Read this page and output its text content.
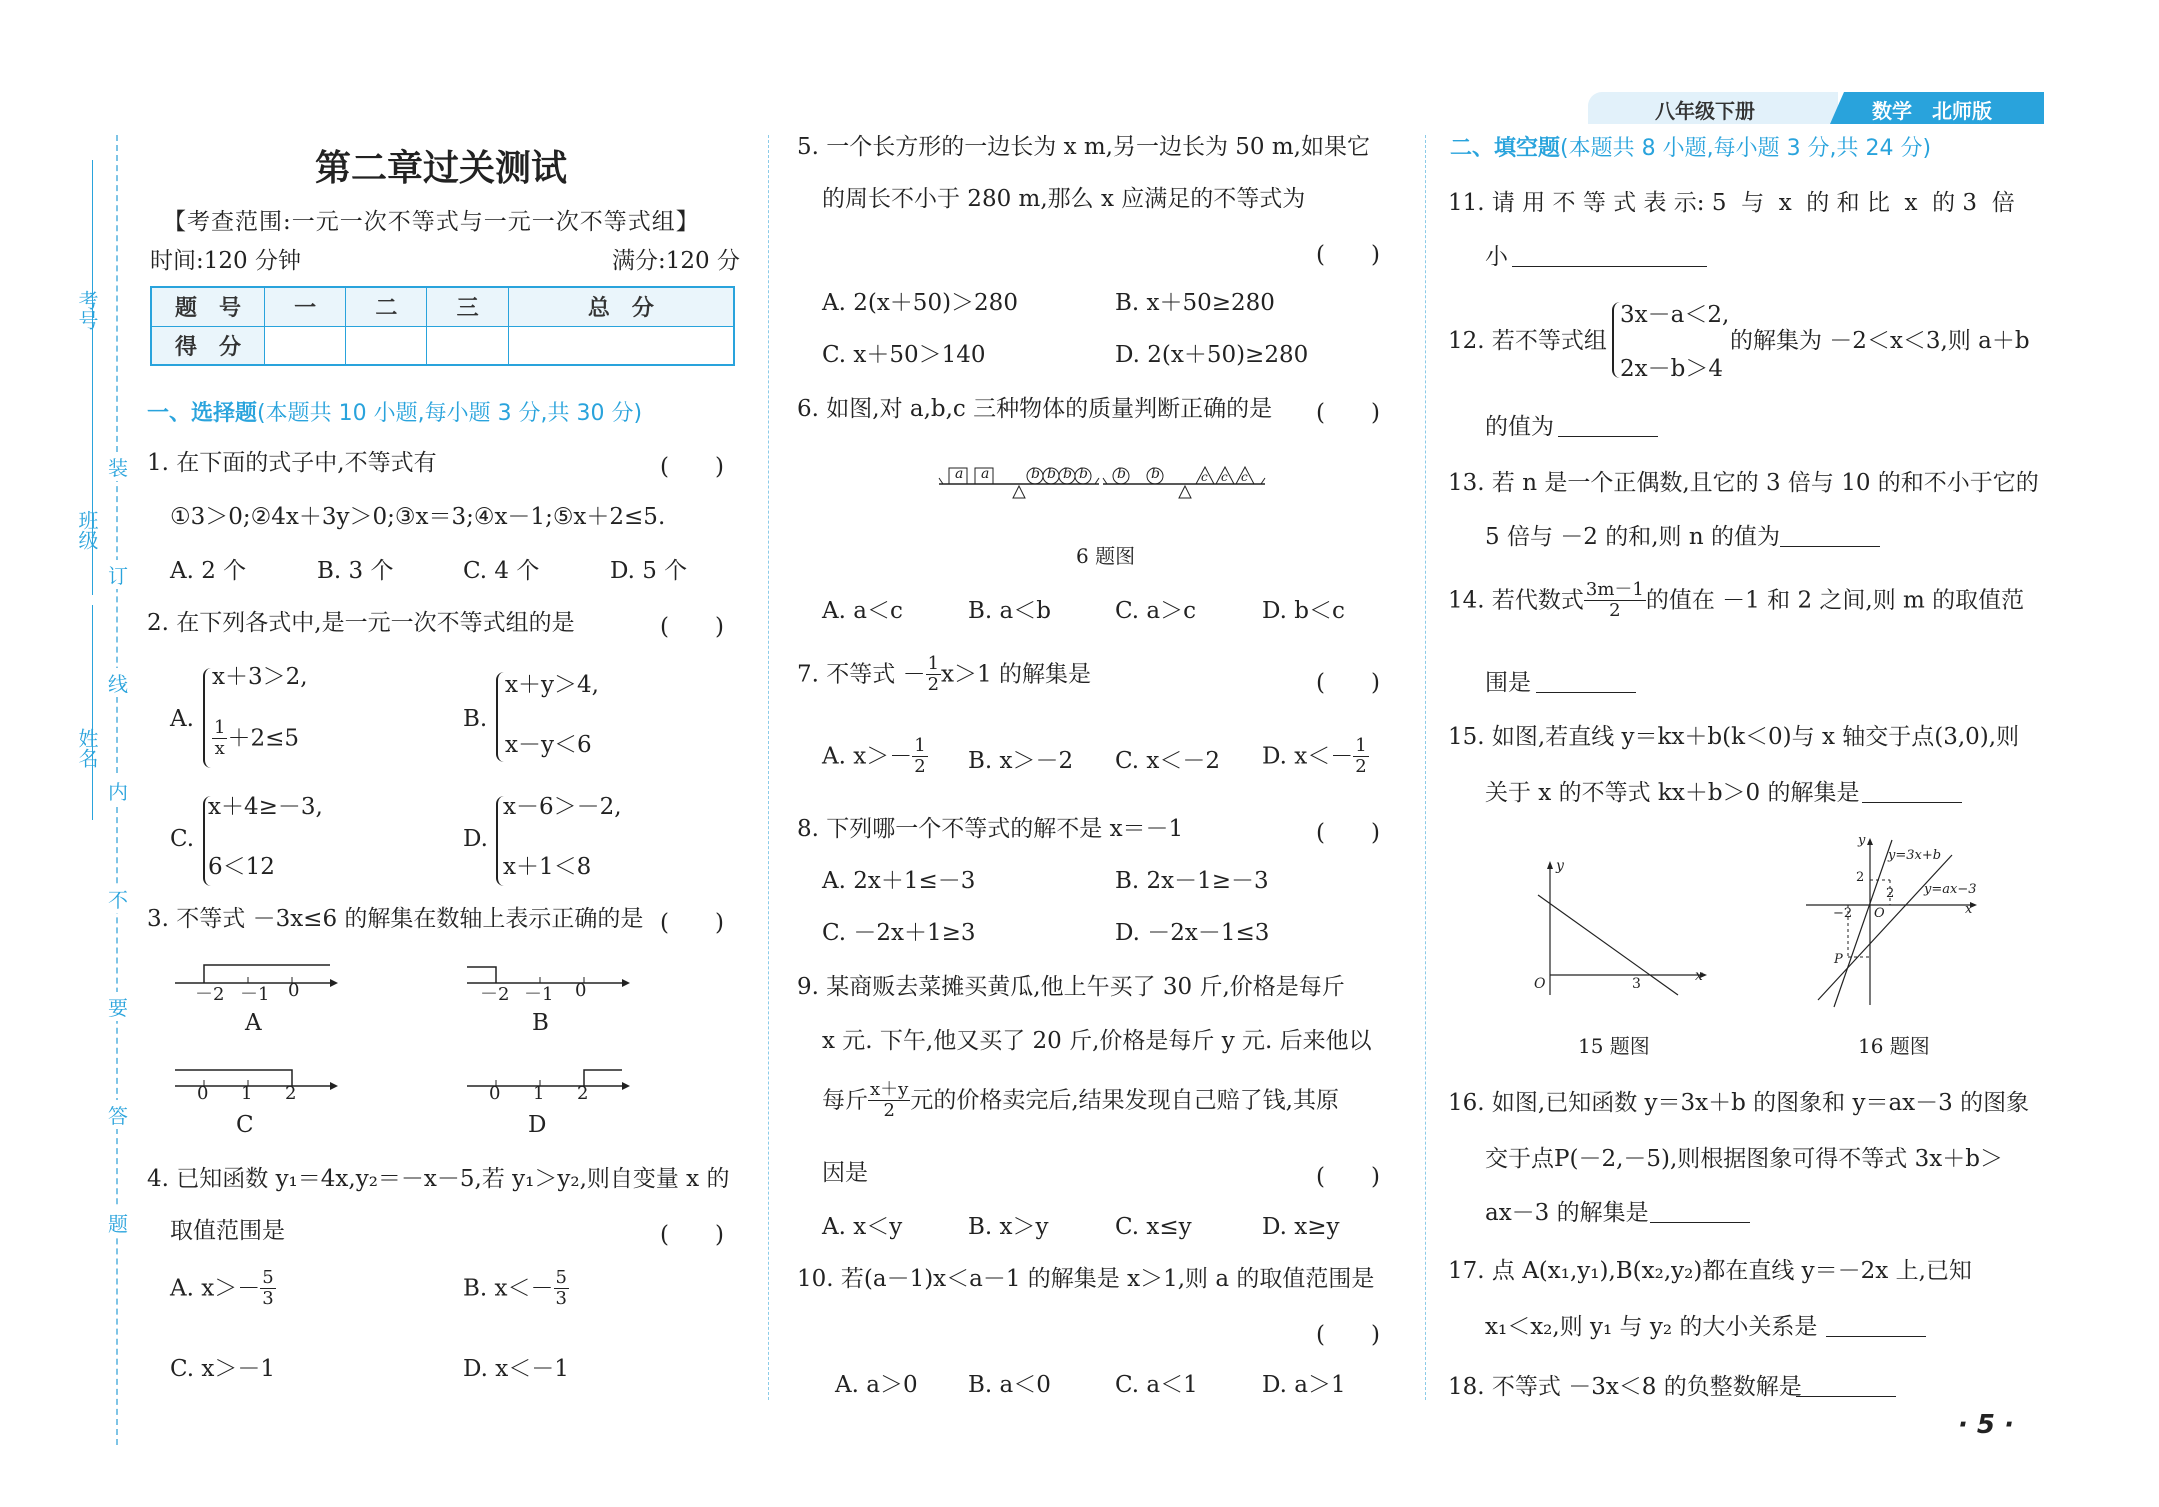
八年级下册	数学　北师版
考号
班级
姓名
装
订
线
内
不
要
答
题
第二章过关测试
【考查范围:一元一次不等式与一元一次不等式组】
时间:120 分钟	满分:120 分
题　号	一	二	三	总　分
得　分				
一、选择题(本题共 10 小题,每小题 3 分,共 30 分)
1. 在下面的式子中,不等式有	(　　)
①3＞0;②4x＋3y＞0;③x＝3;④x－1;⑤x＋2≤5.
A. 2 个	B. 3 个	C. 4 个	D. 5 个
2. 在下列各式中,是一元一次不等式组的是	(　　)
A.
x＋3＞2,
$\frac{1}{x} +2\le 5$
B.
x＋y＞4,
x－y＜6
C.
x＋4≥－3,
6＜12
D.
x－6＞－2,
x＋1＜8
3. 不等式 －3x≤6 的解集在数轴上表示正确的是 (　　)
－2 －1 0
A
－2 －1 0
B
0 1 2
C
0 1 2
D
4. 已知函数 y₁＝4x,y₂＝－x－5,若 y₁＞y₂,则自变量 x 的
取值范围是	(　　)
A. $x>- \frac{5}{3}$	B. $x<- \frac{5}{3}$
C. x＞－1	D. x＜－1
5. 一个长方形的一边长为 x m,另一边长为 50 m,如果它
的周长不小于 280 m,那么 x 应满足的不等式为
(　　)
A. 2(x＋50)＞280	B. x＋50≥280
C. x＋50＞140	D. 2(x＋50)≥280
6. 如图,对 a,b,c 三种物体的质量判断正确的是 (　　)
a a	b b b b b b	c c c
6 题图
A. a＜c	B. a＜b	C. a＞c	D. b＜c
7. 不等式 － $\frac{1}{2} x>1$ 的解集是	(　　)
A. $x>- \frac{1}{2} B$. x＞－2 C. x＜－2 D. $x<- \frac{1}{2}$
8. 下列哪一个不等式的解不是 x＝－1	(　　)
A. 2x＋1≤－3	B. 2x－1≥－3
C. －2x＋1≥3	D. －2x－1≤3
9. 某商贩去菜摊买黄瓜,他上午买了 30 斤,价格是每斤
x 元. 下午,他又买了 20 斤,价格是每斤 y 元. 后来他以
每斤 $\frac{x+y}{2}$ 元的价格卖完后,结果发现自己赔了钱,其原
因是	(　　)
A. x＜y	B. x＞y	C. x≤y	D. x≥y
10. 若(a－1)x＜a－1 的解集是 x＞1,则 a 的取值范围是
(　　)
A. a＞0 B. a＜0	C. a＜1	D. a＞1
二、填空题(本题共 8 小题,每小题 3 分,共 24 分)
11. 请 用 不 等 式 表 示: 5  与  x  的 和 比  x  的 3  倍
小
12. 若不等式组
3x－a＜2,
2x－b＞4
的解集为 －2＜x＜3,则 a＋b
的值为
13. 若 n 是一个正偶数,且它的 3 倍与 10 的和不小于它的
5 倍与 －2 的和,则 n 的值为
14. 若代数式 $\frac{3m-1}{2}$ 的值在 －1 和 2 之间,则 m 的取值范
围是
15. 如图,若直线 y＝kx＋b(k＜0)与 x 轴交于点(3,0),则
关于 x 的不等式 kx＋b＞0 的解集是
y
x
O	3
15 题图
y
x
y=3x+b
y=ax−3
2
2
−2 O
P
16 题图
16. 如图,已知函数 y＝3x＋b 的图象和 y＝ax－3 的图象
交于点P(－2,－5),则根据图象可得不等式 3x＋b＞
ax－3 的解集是
17. 点 A(x₁,y₁),B(x₂,y₂)都在直线 y＝－2x 上,已知
x₁＜x₂,则 y₁ 与 y₂ 的大小关系是
18. 不等式 －3x＜8 的负整数解是
· 5 ·
